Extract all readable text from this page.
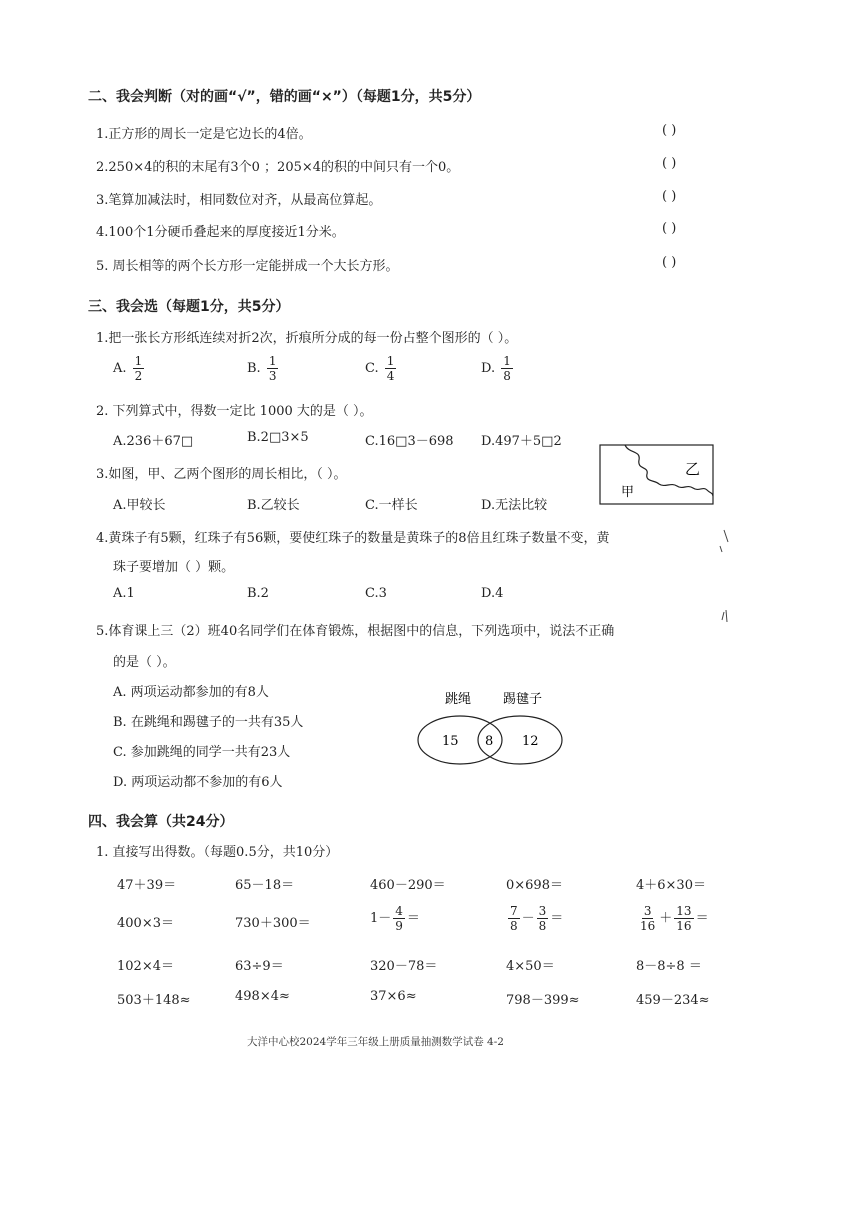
二、我会判断（对的画“√”，错的画“×”）（每题1分，共5分）
1.正方形的周长一定是它边长的4倍。	( )
2.250×4的积的末尾有3个0 ；205×4的积的中间只有一个0。	( )
3.笔算加减法时，相同数位对齐，从最高位算起。	( )
4.100个1分硬币叠起来的厚度接近1分米。	( )
5. 周长相等的两个长方形一定能拼成一个大长方形。	( )
三、我会选（每题1分，共5分）
1.把一张长方形纸连续对折2次，折痕所分成的每一份占整个图形的（ ）。
A. $\frac{1}{2}$	B. $\frac{1}{3}$	C. $\frac{1}{4}$	D. $\frac{1}{8}$
2. 下列算式中，得数一定比 1000 大的是（ ）。
A.236＋67□	B.2□3×5	C.16□3－698 D.497＋5□2
3.如图，甲、乙两个图形的周长相比，（ ）。
A.甲较长	B.乙较长	C.一样长	D.无法比较
甲
乙
4.黄珠子有5颗，红珠子有56颗，要使红珠子的数量是黄珠子的8倍且红珠子数量不变，黄
珠子要增加（ ）颗。
A.1	B.2	C.3	D.4
5.体育课上三（2）班40名同学们在体育锻炼，根据图中的信息，下列选项中，说法不正确
的是（ ）。
A. 两项运动都参加的有8人
B. 在跳绳和踢毽子的一共有35人
C. 参加跳绳的同学一共有23人
D. 两项运动都不参加的有6人
跳绳 踢毽子
15 8 12
四、我会算（共24分）
1. 直接写出得数。（每题0.5分，共10分）
47＋39＝	65－18＝	460－290＝	0×698＝	4＋6×30＝
400×3＝	730＋300＝	$1- \frac{4}{9}$ ＝	$\frac{7}{8} - \frac{3}{8}$ ＝	$\frac{3}{16} + \frac{13}{16}$ ＝
102×4＝	63÷9＝	320－78＝	4×50＝	8－8÷8 ＝
503＋148≈	498×4≈	37×6≈	798－399≈	459－234≈
大洋中心校2024学年三年级上册质量抽测数学试卷 4-2
